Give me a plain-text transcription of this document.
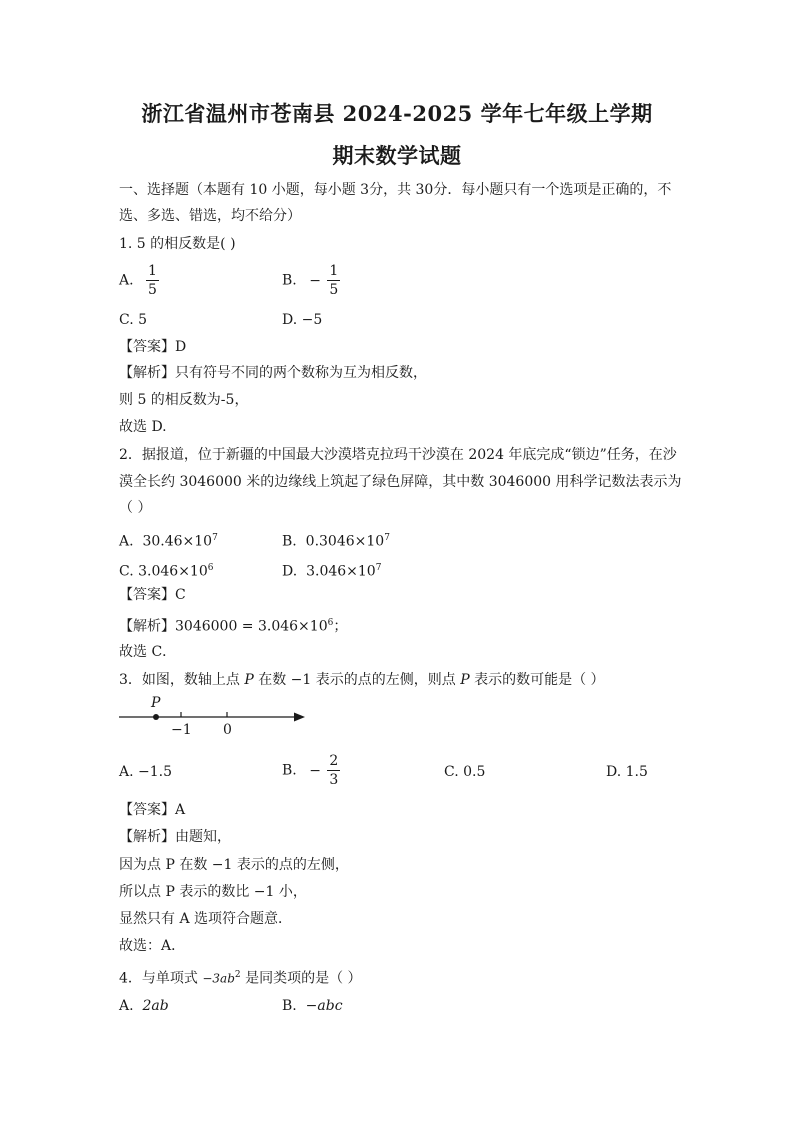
浙江省温州市苍南县 2024-2025 学年七年级上学期
期末数学试题
一、选择题（本题有 10 小题，每小题 3分，共 30分．每小题只有一个选项是正确的，不
选、多选、错选，均不给分）
1. 5 的相反数是( )
A. $\frac{1}{5}$	B. − $\frac{1}{5}$
C. 5	D. −5
【答案】D
【解析】只有符号不同的两个数称为互为相反数，
则 5 的相反数为-5，
故选 D.
2．据报道，位于新疆的中国最大沙漠塔克拉玛干沙漠在 2024 年底完成“锁边”任务，在沙
漠全长约 3046000 米的边缘线上筑起了绿色屏障，其中数 3046000 用科学记数法表示为
（ ）
A. $30.46\times 10^7$	B. $0.3046\times 10^7$
C. $3.046\times 10^6$	D. $3.046\times 10^7$
【答案】C
【解析】$3046000 = 3.046\times 10^6$；
故选 C．
3．如图，数轴上点 P 在数 −1 表示的点的左侧，则点 P 表示的数可能是（ ）
P
−1 0
A. −1.5	B. − $\frac{2}{3}$	C. 0.5	D. 1.5
【答案】A
【解析】由题知，
因为点 P 在数 −1 表示的点的左侧，
所以点 P 表示的数比 −1 小，
显然只有 A 选项符合题意．
故选：A．
4．与单项式 $-3ab^2$ 是同类项的是（ ）
A. 2ab	B. −abc
